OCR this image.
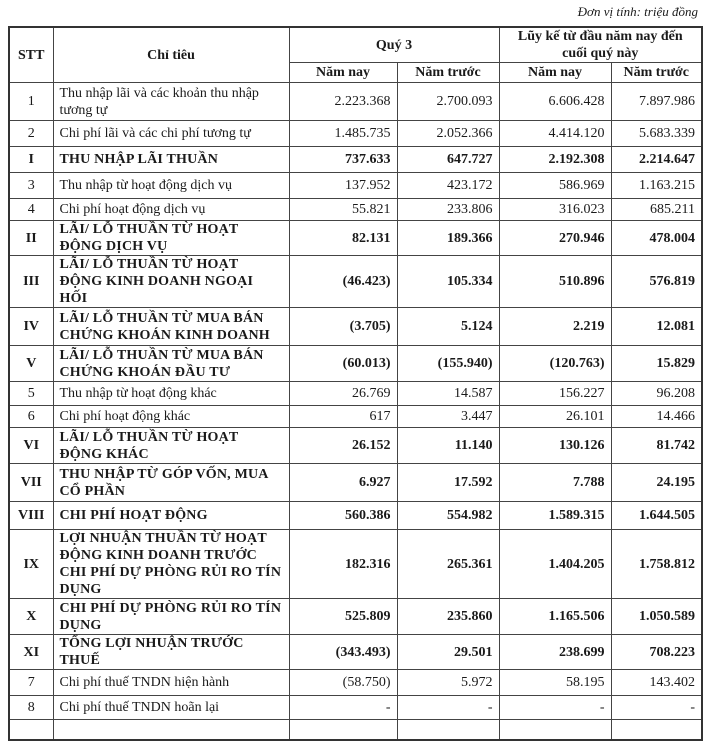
Đơn vị tính: triệu đồng
STT	Chỉ tiêu	Quý 3		Lũy kế từ đầu năm nay đến cuối quý này	
		Năm nay	Năm trước	Năm nay	Năm trước
1	Thu nhập lãi và các khoản thu nhập tương tự	2.223.368	2.700.093	6.606.428	7.897.986
2	Chi phí lãi và các chi phí tương tự	1.485.735	2.052.366	4.414.120	5.683.339
I	THU NHẬP LÃI THUẦN	737.633	647.727	2.192.308	2.214.647
3	Thu nhập từ hoạt động dịch vụ	137.952	423.172	586.969	1.163.215
4	Chi phí hoạt động dịch vụ	55.821	233.806	316.023	685.211
II	LÃI/ LỖ THUẦN TỪ HOẠT ĐỘNG DỊCH VỤ	82.131	189.366	270.946	478.004
III	LÃI/ LỖ THUẦN TỪ HOẠT ĐỘNG KINH DOANH NGOẠI HỐI	(46.423)	105.334	510.896	576.819
IV	LÃI/ LỖ THUẦN TỪ MUA BÁN CHỨNG KHOÁN KINH DOANH	(3.705)	5.124	2.219	12.081
V	LÃI/ LỖ THUẦN TỪ MUA BÁN CHỨNG KHOÁN ĐẦU TƯ	(60.013)	(155.940)	(120.763)	15.829
5	Thu nhập từ hoạt động khác	26.769	14.587	156.227	96.208
6	Chi phí hoạt động khác	617	3.447	26.101	14.466
VI	LÃI/ LỖ THUẦN TỪ HOẠT ĐỘNG KHÁC	26.152	11.140	130.126	81.742
VII	THU NHẬP TỪ GÓP VỐN, MUA CỔ PHẦN	6.927	17.592	7.788	24.195
VIII	CHI PHÍ HOẠT ĐỘNG	560.386	554.982	1.589.315	1.644.505
IX	LỢI NHUẬN THUẦN TỪ HOẠT ĐỘNG KINH DOANH TRƯỚC CHI PHÍ DỰ PHÒNG RỦI RO TÍN DỤNG	182.316	265.361	1.404.205	1.758.812
X	CHI PHÍ DỰ PHÒNG RỦI RO TÍN DỤNG	525.809	235.860	1.165.506	1.050.589
XI	TỔNG LỢI NHUẬN TRƯỚC THUẾ	(343.493)	29.501	238.699	708.223
7	Chi phí thuế TNDN hiện hành	(58.750)	5.972	58.195	143.402
8	Chi phí thuế TNDN hoãn lại	-	-	-	-
